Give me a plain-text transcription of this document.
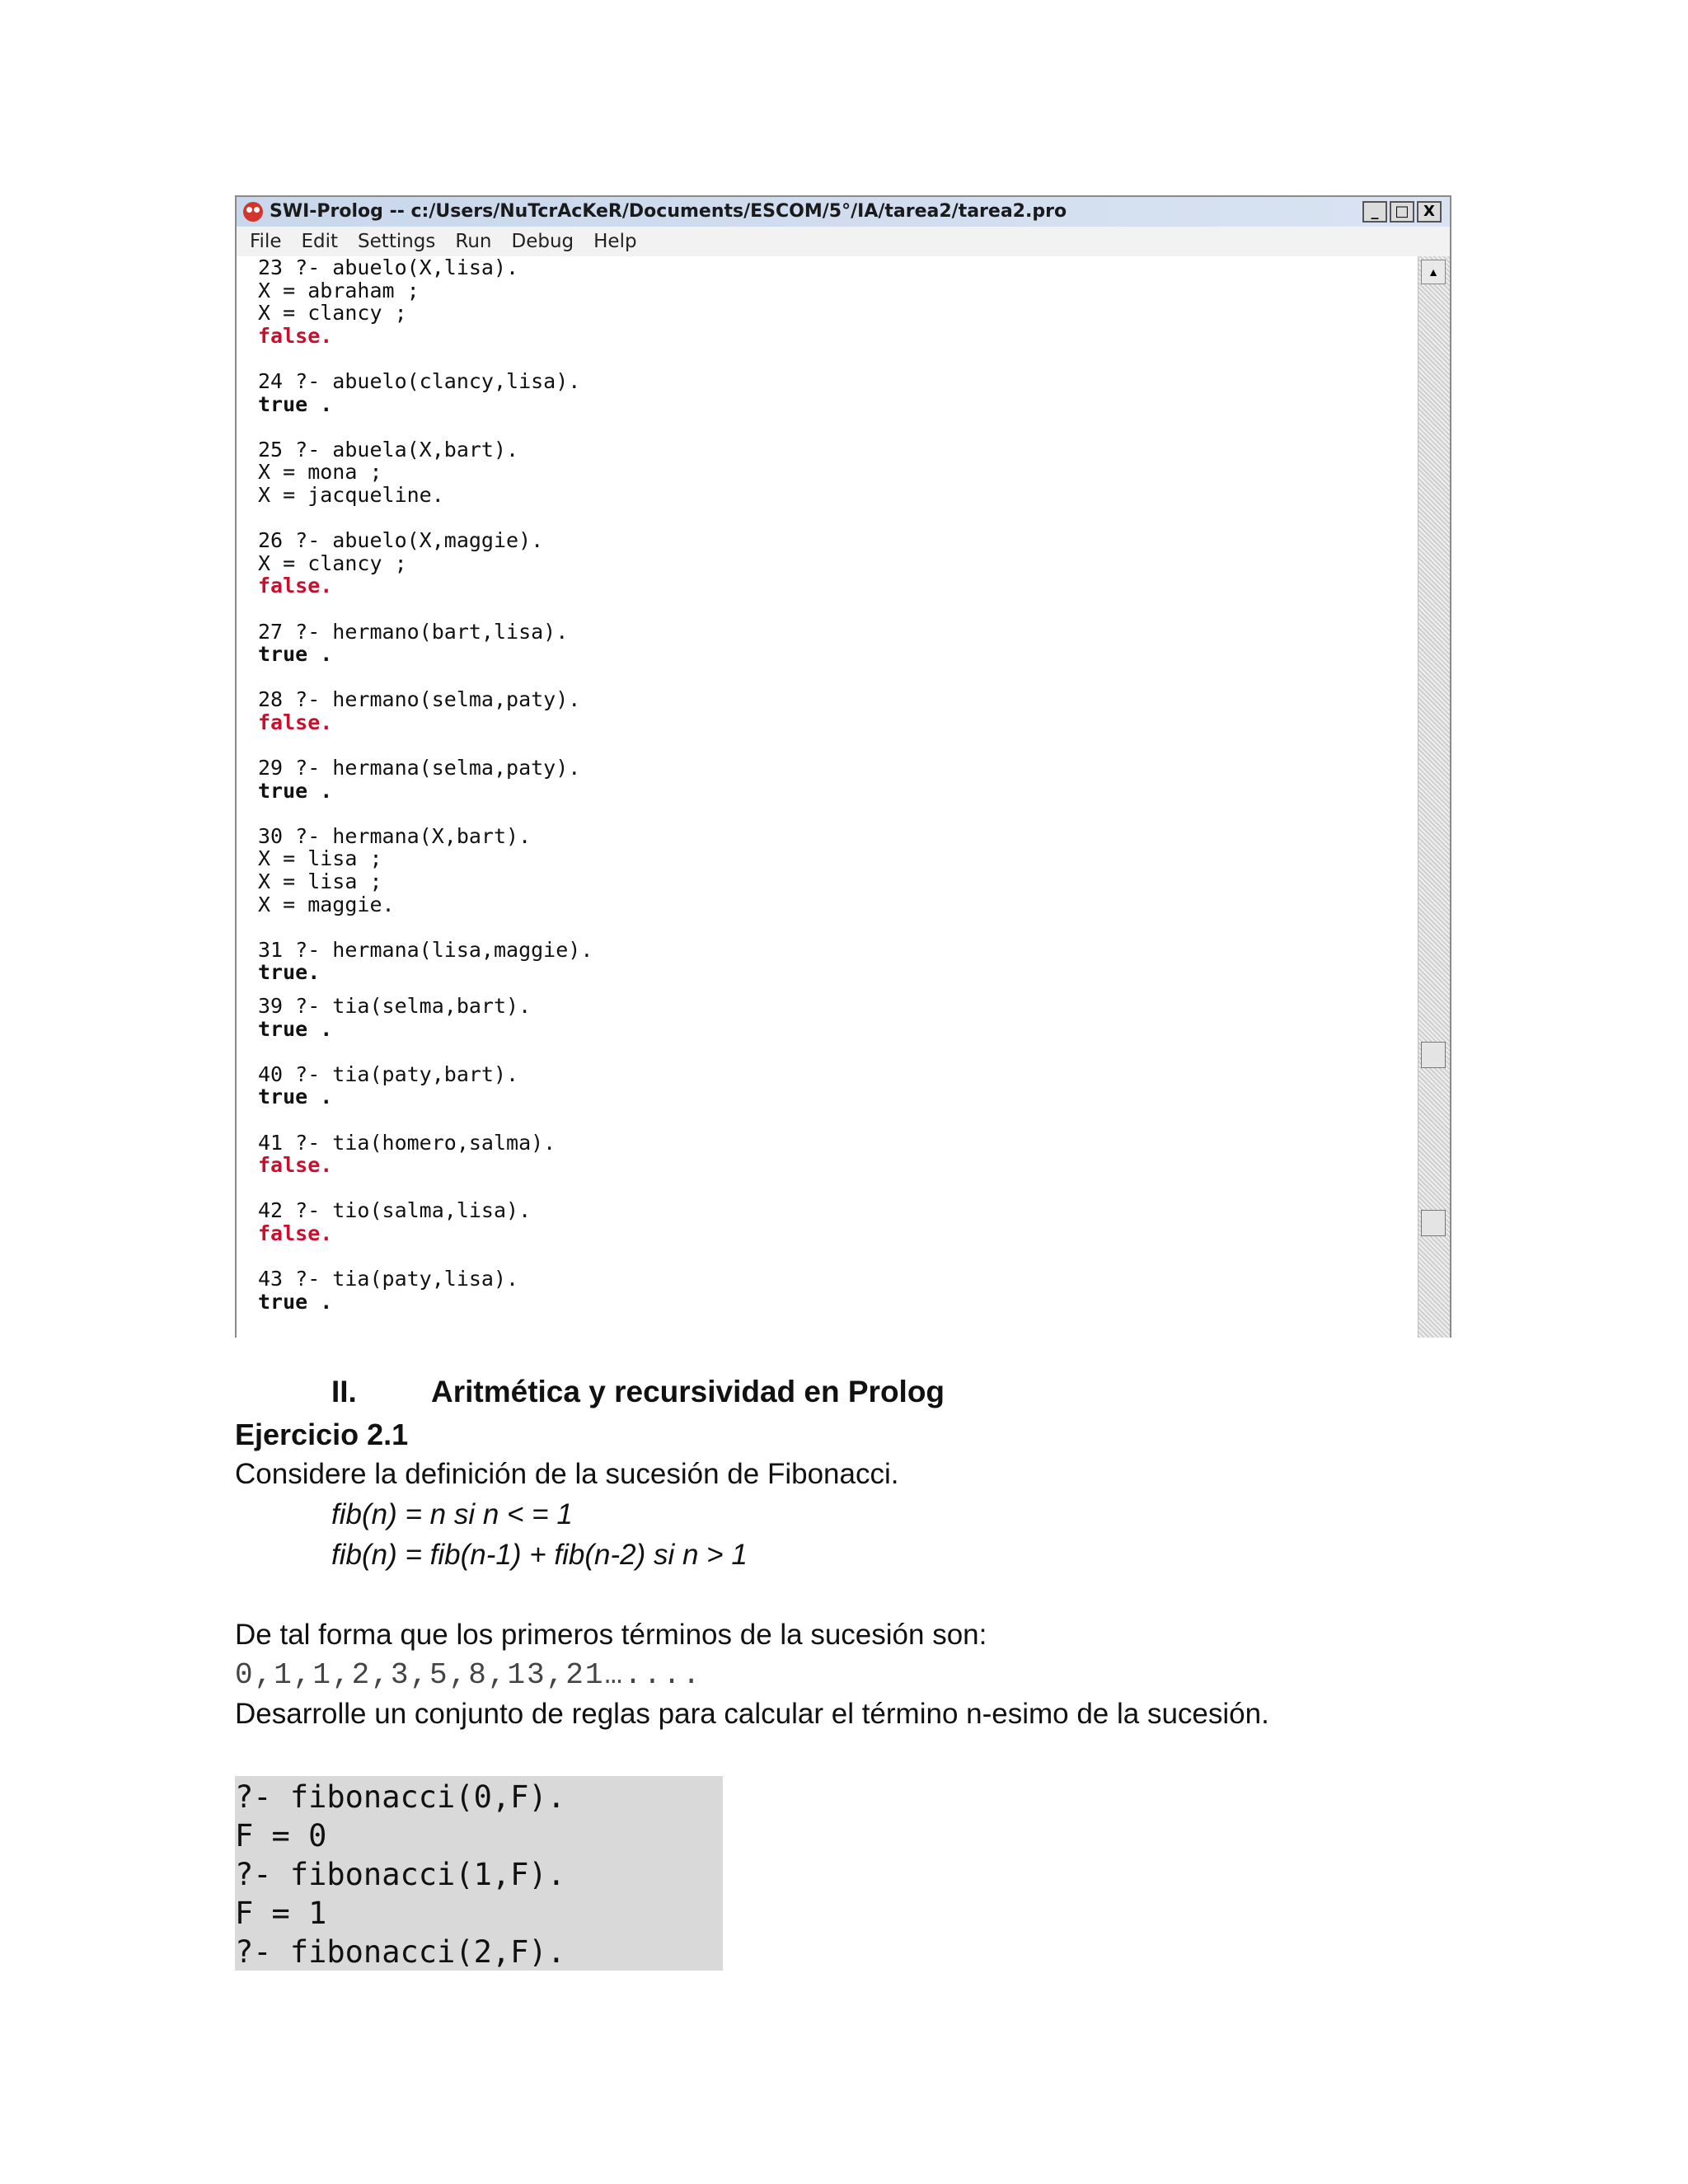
SWI-Prolog -- c:/Users/NuTcrAcKeR/Documents/ESCOM/5°/IA/tarea2/tarea2.pro	_	□ X
File Edit Settings Run Debug Help
23 ?- abuelo(X,lisa).
X = abraham ;
X = clancy ;
false.
24 ?- abuelo(clancy,lisa).
true .
25 ?- abuela(X,bart).
X = mona ;
X = jacqueline.
26 ?- abuelo(X,maggie).
X = clancy ;
false.
27 ?- hermano(bart,lisa).
true .
28 ?- hermano(selma,paty).
false.
29 ?- hermana(selma,paty).
true .
30 ?- hermana(X,bart).
X = lisa ;
X = lisa ;
X = maggie.
31 ?- hermana(lisa,maggie).
true.
39 ?- tia(selma,bart).
true .
40 ?- tia(paty,bart).
true .
41 ?- tia(homero,salma).
false.
42 ?- tio(salma,lisa).
false.
43 ?- tia(paty,lisa).
true .
▲
II. Aritmética y recursividad en Prolog
Ejercicio 2.1
Considere la definición de la sucesión de Fibonacci.
fib(n) = n si n < = 1
fib(n) = fib(n-1) + fib(n-2) si n > 1
De tal forma que los primeros términos de la sucesión son:
0,1,1,2,3,5,8,13,21…....
Desarrolle un conjunto de reglas para calcular el término n-esimo de la sucesión.
?- fibonacci(0,F).
F = 0
?- fibonacci(1,F).
F = 1
?- fibonacci(2,F).
